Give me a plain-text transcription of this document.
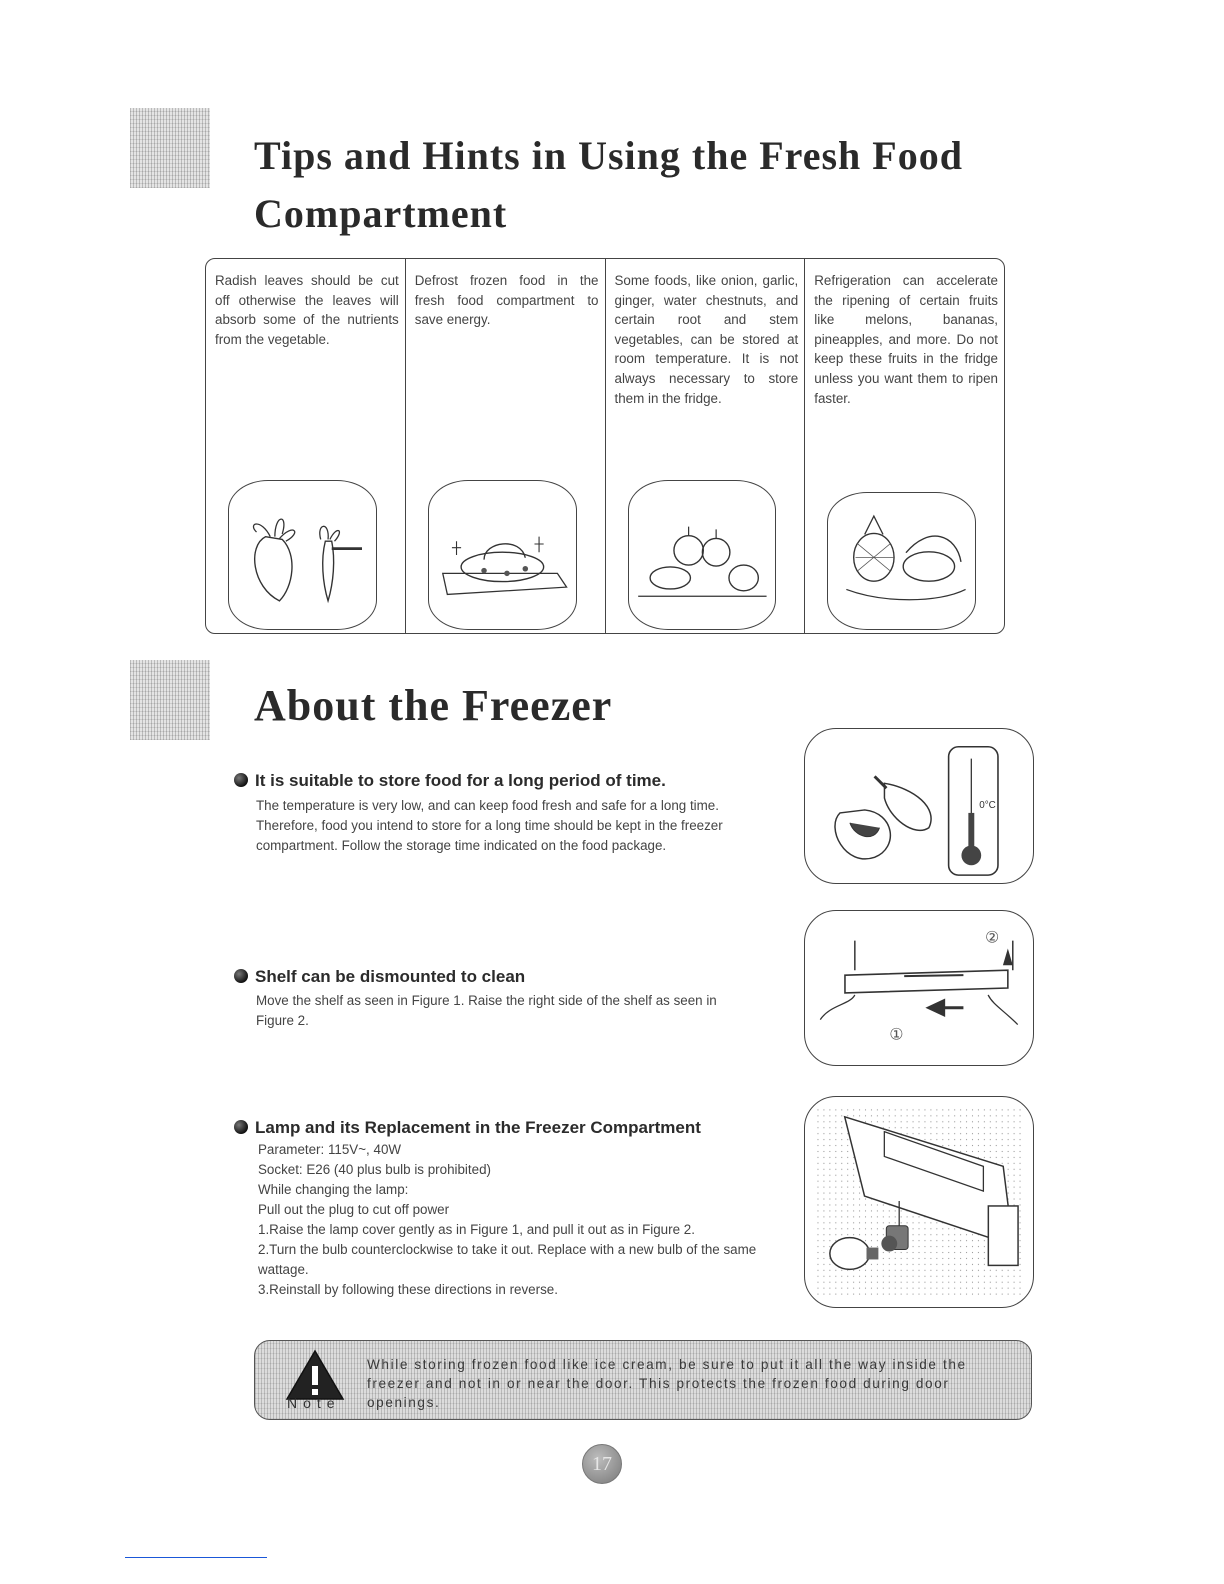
Tips and Hints in Using the Fresh Food
Compartment

Radish leaves should be cut off otherwise the leaves will absorb some of the nutrients from the vegetable.

Defrost frozen food in the fresh food compartment to save energy.

Some foods, like onion, garlic, ginger, water chestnuts, and certain root and stem vegetables, can be stored at room temperature. It is not always necessary to store them in the fridge.

Refrigeration can accelerate the ripening of certain fruits like melons, bananas, pineapples, and more. Do not keep these fruits in the fridge unless you want them to ripen faster.

About the Freezer
It is suitable to store food for a long period of time.

The temperature is very low, and can keep food fresh and safe for a long time. Therefore, food you intend to store for a long time should be kept in the freezer compartment. Follow the storage time indicated on the food package.

0°C
Shelf can be dismounted to clean

Move the shelf as seen in Figure 1. Raise the right side of the shelf as seen in Figure 2.

①
②
Lamp and its Replacement in the Freezer Compartment

Parameter: 115V~, 40W

Socket: E26 (40 plus bulb is prohibited)

While changing the lamp:

Pull out the plug to cut off power

1.Raise the lamp cover gently as in Figure 1, and pull it out as in Figure 2.

2.Turn the bulb counterclockwise to take it out. Replace with a new bulb of the same wattage.

3.Reinstall by following these directions in reverse.

Note

While storing frozen food like ice cream, be sure to put it all the way inside the freezer and not in or near the door. This protects the frozen food during door openings.

17
